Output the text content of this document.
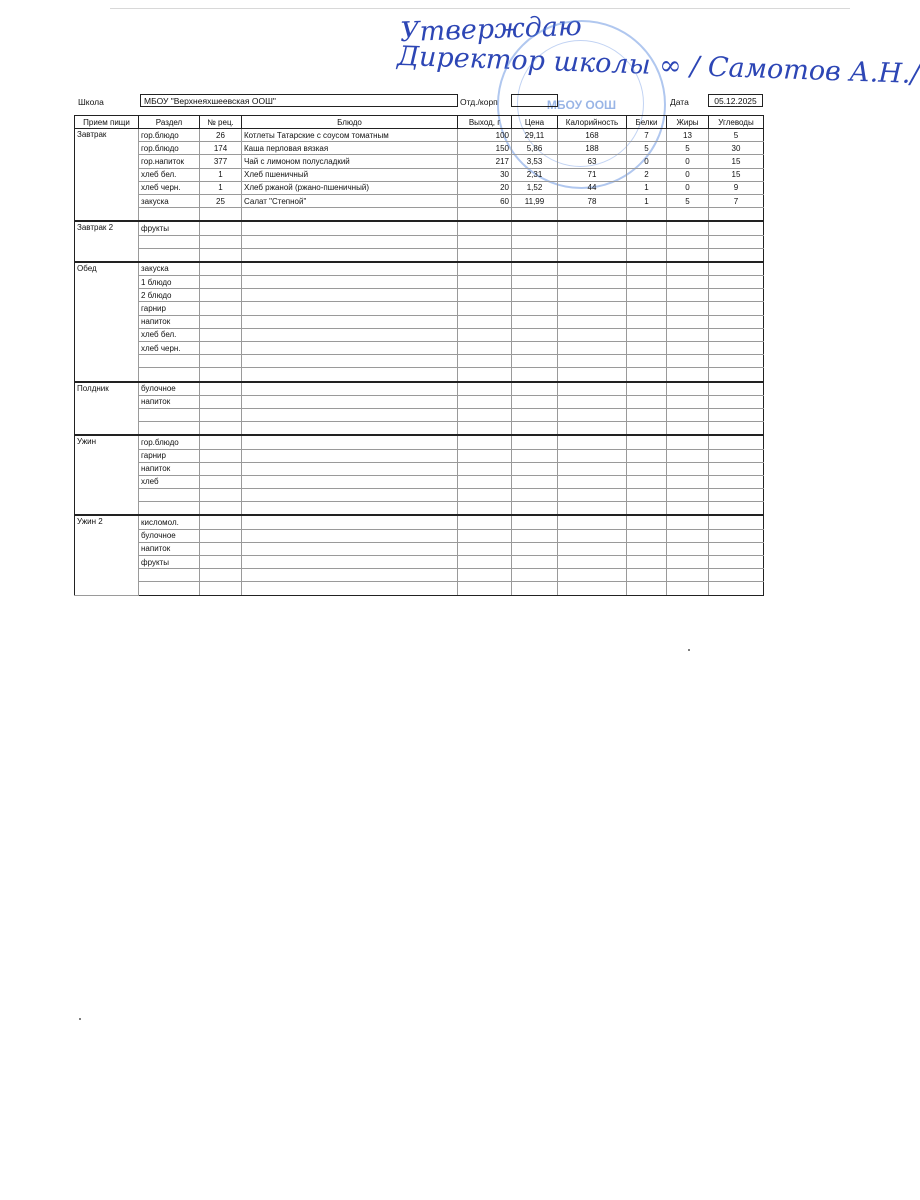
Утверждаю
Директор школы ∞ / Самотов А.Н./
МБОУ ООШ
Школа	МБОУ "Верхнеяхшеевская ООШ"	Отд./корп	Дата	05.12.2025
Прием пищи	Раздел	№ рец.	Блюдо	Выход, г	Цена	Калорийность	Белки	Жиры	Углеводы
Завтрак	гор.блюдо	26	Котлеты Татарские с соусом томатным	100	29,11	168	7	13	5
	гор.блюдо	174	Каша перловая вязкая	150	5,86	188	5	5	30
	гор.напиток	377	Чай с лимоном полусладкий	217	3,53	63	0	0	15
	хлеб бел.	1	Хлеб пшеничный	30	2,31	71	2	0	15
	хлеб черн.	1	Хлеб ржаной (ржано-пшеничный)	20	1,52	44	1	0	9
	закуска	25	Салат "Степной"	60	11,99	78	1	5	7

Завтрак 2	фрукты								

Обед	закуска								
	1 блюдо								
	2 блюдо								
	гарнир								
	напиток								
	хлеб бел.								
	хлеб черн.								

Полдник	булочное								
	напиток								

Ужин	гор.блюдо								
	гарнир								
	напиток								
	хлеб								

Ужин 2	кисломол.								
	булочное								
	напиток								
	фрукты								
